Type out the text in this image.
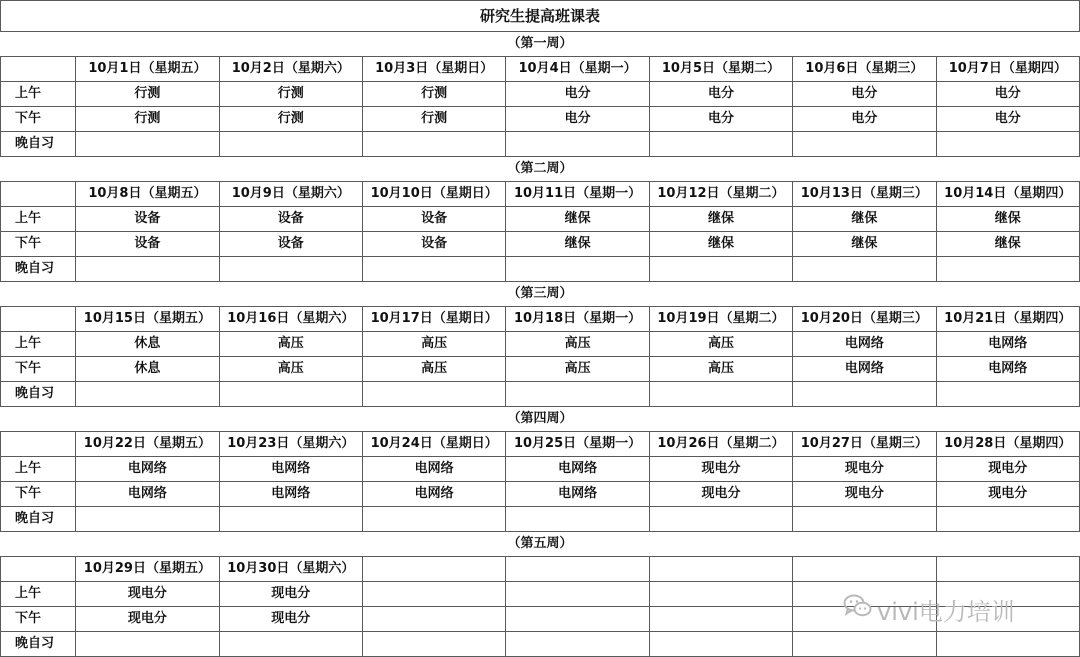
研究生提高班课表							
（第一周）							
	10月1日（星期五）	10月2日（星期六）	10月3日（星期日）	10月4日（星期一）	10月5日（星期二）	10月6日（星期三）	10月7日（星期四）
上午	行测	行测	行测	电分	电分	电分	电分
下午	行测	行测	行测	电分	电分	电分	电分
晚自习							
（第二周）							
	10月8日（星期五）	10月9日（星期六）	10月10日（星期日）	10月11日（星期一）	10月12日（星期二）	10月13日（星期三）	10月14日（星期四）
上午	设备	设备	设备	继保	继保	继保	继保
下午	设备	设备	设备	继保	继保	继保	继保
晚自习							
（第三周）							
	10月15日（星期五）	10月16日（星期六）	10月17日（星期日）	10月18日（星期一）	10月19日（星期二）	10月20日（星期三）	10月21日（星期四）
上午	休息	高压	高压	高压	高压	电网络	电网络
下午	休息	高压	高压	高压	高压	电网络	电网络
晚自习							
（第四周）							
	10月22日（星期五）	10月23日（星期六）	10月24日（星期日）	10月25日（星期一）	10月26日（星期二）	10月27日（星期三）	10月28日（星期四）
上午	电网络	电网络	电网络	电网络	现电分	现电分	现电分
下午	电网络	电网络	电网络	电网络	现电分	现电分	现电分
晚自习							
（第五周）							
	10月29日（星期五）	10月30日（星期六）					
上午	现电分	现电分					
下午	现电分	现电分					
晚自习							
vivi电力培训
